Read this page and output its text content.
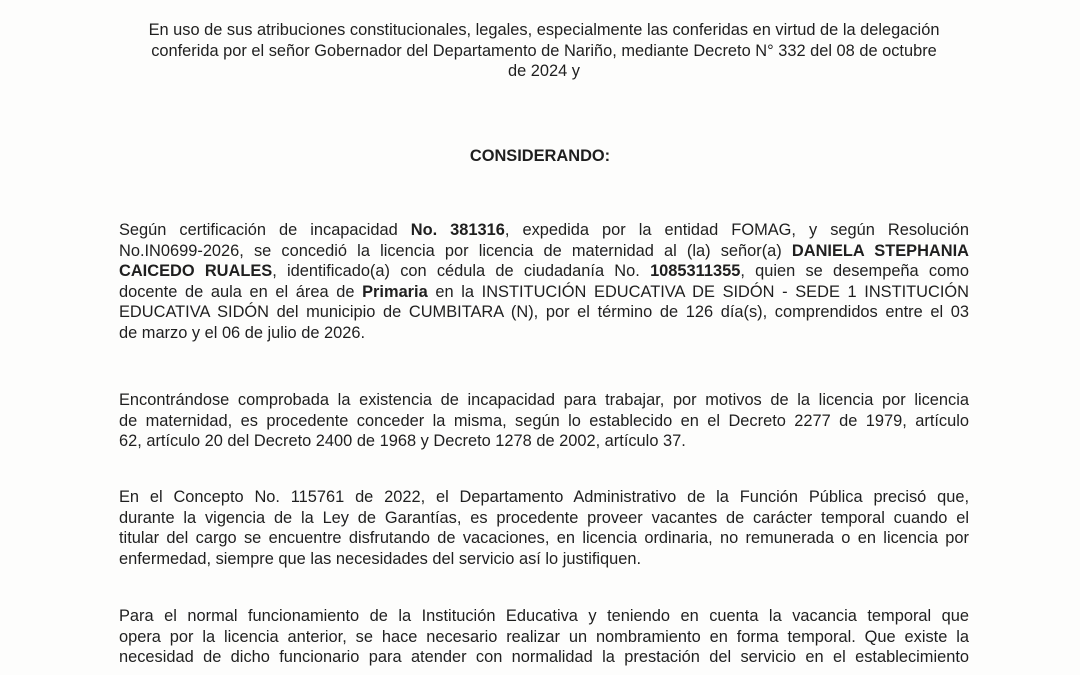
En uso de sus atribuciones constitucionales, legales, especialmente las conferidas en virtud de la delegación
conferida por el señor Gobernador del Departamento de Nariño, mediante Decreto N° 332 del 08 de octubre
de 2024 y
CONSIDERANDO:
Según certificación de incapacidad No. 381316, expedida por la entidad FOMAG, y según Resolución
No.IN0699-2026, se concedió la licencia por licencia de maternidad al (la) señor(a) DANIELA STEPHANIA
CAICEDO RUALES, identificado(a) con cédula de ciudadanía No. 1085311355, quien se desempeña como
docente de aula en el área de Primaria en la INSTITUCIÓN EDUCATIVA DE SIDÓN - SEDE 1 INSTITUCIÓN
EDUCATIVA SIDÓN del municipio de CUMBITARA (N), por el término de 126 día(s), comprendidos entre el 03
de marzo y el 06 de julio de 2026.
Encontrándose comprobada la existencia de incapacidad para trabajar, por motivos de la licencia por licencia
de maternidad, es procedente conceder la misma, según lo establecido en el Decreto 2277 de 1979, artículo
62, artículo 20 del Decreto 2400 de 1968 y Decreto 1278 de 2002, artículo 37.
En el Concepto No. 115761 de 2022, el Departamento Administrativo de la Función Pública precisó que,
durante la vigencia de la Ley de Garantías, es procedente proveer vacantes de carácter temporal cuando el
titular del cargo se encuentre disfrutando de vacaciones, en licencia ordinaria, no remunerada o en licencia por
enfermedad, siempre que las necesidades del servicio así lo justifiquen.
Para el normal funcionamiento de la Institución Educativa y teniendo en cuenta la vacancia temporal que
opera por la licencia anterior, se hace necesario realizar un nombramiento en forma temporal. Que existe la
necesidad de dicho funcionario para atender con normalidad la prestación del servicio en el establecimiento
